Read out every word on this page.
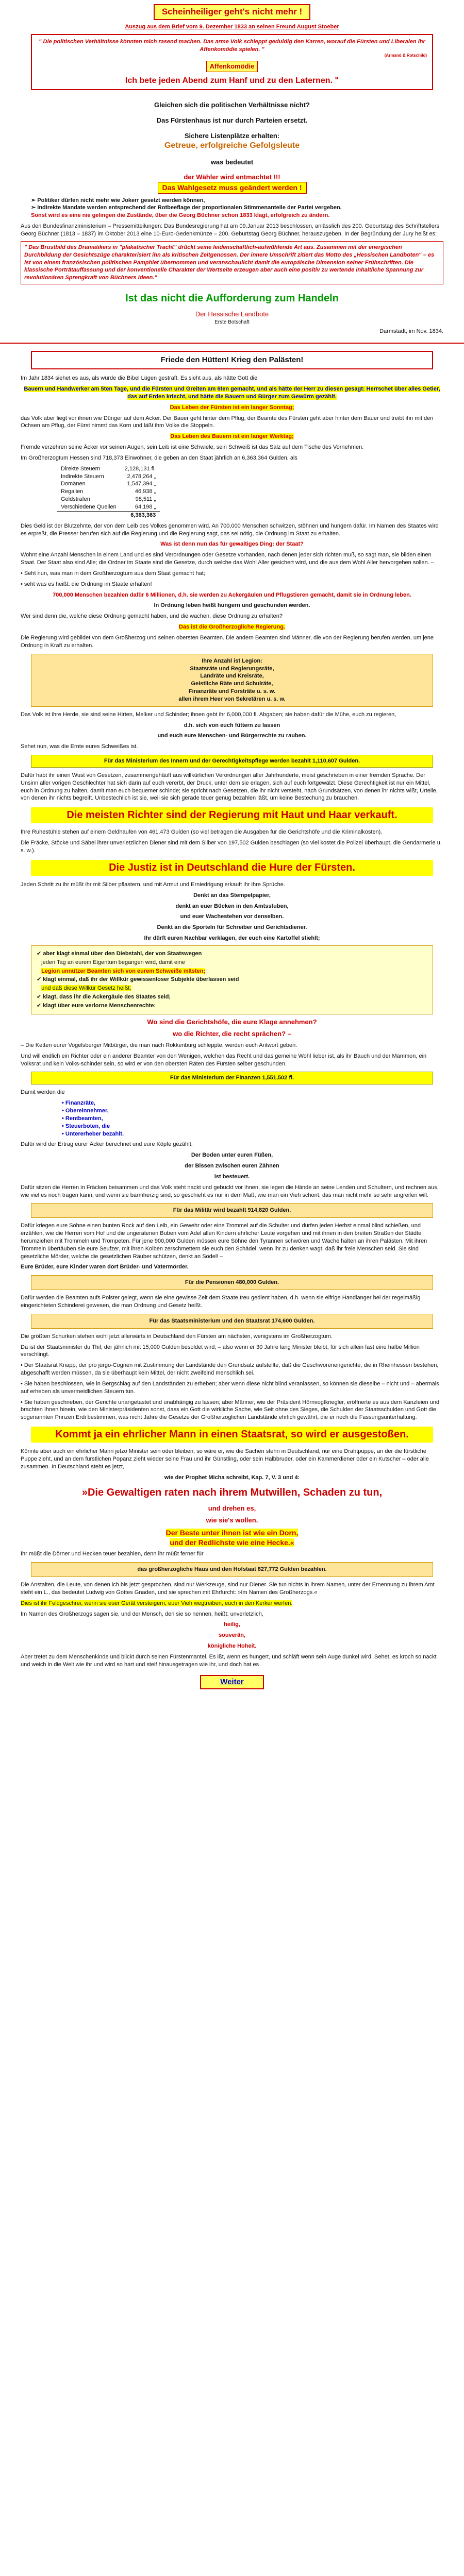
Scheinheiliger geht's nicht mehr !
Auszug aus dem Brief vom 9. Dezember 1833 an seinen Freund August Stoeber
" Die politischen Verhältnisse könnten mich rasend machen. Das arme Volk schleppt geduldig den Karren, worauf die Fürsten und Liberalen ihr Affenkomödie spielen. "
(Armand & Rotschild)
Affenkomödie
Ich bete jeden Abend zum Hanf und zu den Laternen. "
Gleichen sich die politischen Verhältnisse nicht?
Das Fürstenhaus ist nur durch Parteien ersetzt.
Sichere Listenplätze erhalten:
Getreue, erfolgreiche Gefolgsleute
was bedeutet
der Wähler wird entmachtet !!!
Das Wahlgesetz muss geändert werden !
➢ Politiker dürfen nicht mehr wie Jokerr gesetzt werden können,
➢ Indirekte Mandate werden entsprechend der Rotbeeflage der proportionalen Stimmenanteile der Partei vergeben.
Sonst wird es eine nie gelingen die Zustände, über die Georg Büchner schon 1833 klagt, erfolgreich zu ändern.
Aus den Bundesfinanzministerium – Pressemitteilungen: Das Bundesregierung hat am 09.Januar 2013 beschlossen, anlässlich des 200. Geburtstag des Schriftstellers Georg Büchner (1813 – 1837) im Oktober 2013 eine 10-Euro-Gedenkmünze – 200. Geburtstag Georg Büchner, herauszugeben. In der Begründung der Jury heißt es:
" Das Brustbild des Dramatikers in "plakatischer Tracht" drückt seine leidenschaftlich-aufwühlende Art aus. Zusammen mit der energischen Durchbildung der Gesichtszüge charakterisiert ihn als kritischen Zeitgenossen. Der innere Umschrift zitiert das Motto des „Hessischen Landboten“ – es ist von einem französischen politischen Pamphlet übernommen und veranschaulicht damit die europäische Dimension seiner Frühschriften. Die klassische Porträtauffassung und der konventionelle Charakter der Wertseite erzeugen aber auch eine positiv zu wertende inhaltliche Spannung zur revolutionären Sprengkraft von Büchners Ideen."
Ist das nicht die Aufforderung zum Handeln
Der Hessische Landbote
Erste Botschaft
Darmstadt, im Nov. 1834.
Friede den Hütten! Krieg den Palästen!
Im Jahr 1834 siehet es aus, als würde die Bibel Lügen gestraft. Es sieht aus, als hätte Gott die
Bauern und Handwerker am 5ten Tage, und die Fürsten und Greiten am 6ten gemacht, und als hätte der Herr zu diesen gesagt: Herrschet über alles Getier, das auf Erden kriecht, und hätte die Bauern und Bürger zum Gewürm gezählt.
Das Leben der Fürsten ist ein langer Sonntag;
das Volk aber liegt vor ihnen wie Dünger auf dem Acker. Der Bauer geht hinter dem Pflug, der Beamte des Fürsten geht aber hinter dem Bauer und treibt ihn mit den Ochsen am Pflug, der Fürst nimmt das Korn und läßt ihm Volke die Stoppeln.
Das Leben des Bauern ist ein langer Werktag;
Fremde verzehren seine Äcker vor seinen Augen, sein Leib ist eine Schwiele, sein Schweiß ist das Salz auf dem Tische des Vornehmen.
Im Großherzogtum Hessen sind 718,373 Einwohner, die geben an den Staat jährlich an 6,363,364 Gulden, als
Direkte Steuern	2,128,131 fl.
Indirekte Steuern	2,478,264 „
Domänen	1,547,394 „
Regalien	46,938 „
Geldstrafen	98,511 „
Verschiedene Quellen	64,198 „
	6,363,363
Dies Geld ist der Blutzehnte, der von dem Leib des Volkes genommen wird. An 700,000 Menschen schwitzen, stöhnen und hungern dafür. Im Namen des Staates wird es erpreßt, die Presser berufen sich auf die Regierung und die Regierung sagt, das sei nötig, die Ordnung im Staat zu erhalten.
Was ist denn nun das für gewaltiges Ding: der Staat?
Wohnt eine Anzahl Menschen in einem Land und es sind Verordnungen oder Gesetze vorhanden, nach denen jeder sich richten muß, so sagt man, sie bilden einen Staat. Der Staat also sind Alle; die Ordner im Staate sind die Gesetze, durch welche das Wohl Aller gesichert wird, und die aus dem Wohl Aller hervorgehen sollen. –
• Seht nun, was man in dem Großherzogtum aus dem Staat gemacht hat;
• seht was es heißt: die Ordnung im Staate erhalten!
700,000 Menschen bezahlen dafür 6 Millionen, d.h. sie werden zu Ackergäulen und Pflugstieren gemacht, damit sie in Ordnung leben.
In Ordnung leben heißt hungern und geschunden werden.
Wer sind denn die, welche diese Ordnung gemacht haben, und die wachen, diese Ordnung zu erhalten?
Das ist die Großherzogliche Regierung.
Die Regierung wird gebildet von dem Großherzog und seinen obersten Beamten. Die andern Beamten sind Männer, die von der Regierung berufen werden, um jene Ordnung in Kraft zu erhalten.
Ihre Anzahl ist Legion:
Staatsräte und Regierungsräte,
Landräte und Kreisräte,
Geistliche Räte und Schulräte,
Finanzräte und Forsträte u. s. w.
allen ihrem Heer von Sekretären u. s. w.
Das Volk ist ihre Herde, sie sind seine Hirten, Melker und Schinder; ihnen gebt ihr 6,000,000 fl. Abgaben; sie haben dafür die Mühe, euch zu regieren,
d.h. sich von euch füttern zu lassen
und euch eure Menschen- und Bürgerrechte zu rauben.
Sehet nun, was die Ernte eures Schweißes ist.
Für das Ministerium des Innern und der Gerechtigkeitspflege werden bezahlt 1,110,607 Gulden.
Dafür habt ihr einen Wust von Gesetzen, zusammengehäuft aus willkürlichen Verordnungen aller Jahrhunderte, meist geschrieben in einer fremden Sprache. Der Unsinn aller vorigen Geschlechter hat sich darin auf euch vererbt, der Druck, unter dem sie erlagen, sich auf euch fortgewälzt. Diese Gerechtigkeit ist nur ein Mittel, euch in Ordnung zu halten, damit man euch bequemer schinde; sie spricht nach Gesetzen, die ihr nicht versteht, nach Grundsätzen, von denen ihr nichts wißt, Urteile, von denen ihr nichts begreift. Unbestechlich ist sie, weil sie sich gerade teuer genug bezahlen läßt, um keine Bestechung zu brauchen.
Die meisten Richter sind der Regierung mit Haut und Haar verkauft.
Ihre Ruhestühle stehen auf einem Geldhaufen von 461,473 Gulden (so viel betragen die Ausgaben für die Gerichtshöfe und die Kriminalkosten).
Die Fräcke, Stöcke und Säbel ihrer unverletzlichen Diener sind mit dem Silber von 197,502 Gulden beschlagen (so viel kostet die Polizei überhaupt, die Gendarmerie u. s. w.).
Die Justiz ist in Deutschland die Hure der Fürsten.
Jeden Schritt zu ihr müßt ihr mit Silber pflastern, und mit Armut und Erniedrigung erkauft ihr ihre Sprüche.
Denkt an das Stempelpapier,
denkt an euer Bücken in den Amtsstuben,
und euer Wachestehen vor denselben.
Denkt an die Sporteln für Schreiber und Gerichtsdiener.
Ihr dürft euren Nachbar verklagen, der euch eine Kartoffel stiehlt;
✔ aber klagt einmal über den Diebstahl, der von Staatswegen
jeden Tag an eurem Eigentum begangen wird, damit eine
Legion unnützer Beamten sich von eurem Schweiße mästen;
✔ klagt einmal, daß ihr der Willkür gewissenloser Subjekte überlassen seid
und daß diese Willkür Gesetz heißt;
✔ klagt, dass ihr die Ackergäule des Staates seid;
✔ klagt über eure verlorne Menschenrechte:
Wo sind die Gerichtshöfe, die eure Klage annehmen?
wo die Richter, die recht sprächen? –
– Die Ketten eurer Vogelsberger Mitbürger, die man nach Rokkenburg schleppte, werden euch Antwort geben.
Und will endlich ein Richter oder ein anderer Beamter von den Wenigen, welchen das Recht und das gemeine Wohl lieber ist, als ihr Bauch und der Mammon, ein Volksrat und kein Volks-schinder sein, so wird er von den obersten Räten des Fürsten selber geschunden.
Für das Ministerium der Finanzen 1,551,502 fl.
Damit werden die
• Finanzräte,
• Obereinnehmer,
• Rentbeamten,
• Steuerboten, die
• Untererheber bezahlt.
Dafür wird der Ertrag eurer Äcker berechnet und eure Köpfe gezählt.
Der Boden unter euren Füßen,
der Bissen zwischen euren Zähnen
ist besteuert.
Dafür sitzen die Herren in Fräcken beisammen und das Volk steht nackt und gebückt vor ihnen, sie legen die Hände an seine Lenden und Schultern, und rechnen aus, wie viel es noch tragen kann, und wenn sie barmherzig sind, so geschieht es nur in dem Maß, wie man ein Vieh schont, das man nicht mehr so sehr angreifen will.
Für das Militär wird bezahlt 914,820 Gulden.
Dafür kriegen eure Söhne einen bunten Rock auf den Leib, ein Gewehr oder eine Trommel auf die Schulter und dürfen jeden Herbst einmal blind schießen, und erzählen, wie die Herren vom Hof und die ungeratenen Buben vom Adel allen Kindern ehrlicher Leute vorgehen und mit ihnen in den breiten Straßen der Städte herumziehen mit Trommeln und Trompeten. Für jene 900,000 Gulden müssen eure Söhne den Tyrannen schwören und Wache halten an ihren Palästen. Mit ihren Trommeln übertäuben sie eure Seufzer, mit ihren Kolben zerschmettern sie euch den Schädel, wenn ihr zu denken wagt, daß ihr freie Menschen seid. Sie sind gesetzliche Mörder, welche die gesetzlichen Räuber schützen, denkt an Södel! –
Eure Brüder, eure Kinder waren dort Brüder- und Vatermörder.
Für die Pensionen 480,000 Gulden.
Dafür werden die Beamten aufs Polster gelegt, wenn sie eine gewisse Zeit dem Staate treu gedient haben, d.h. wenn sie eifrige Handlanger bei der regelmäßig eingerichteten Schinderei gewesen, die man Ordnung und Gesetz heißt.
Für das Staatsministerium und den Staatsrat 174,600 Gulden.
Die größten Schurken stehen wohl jetzt allerwärts in Deutschland den Fürsten am nächsten, wenigstens im Großherzogtum.
Da ist der Staatsminister du Thil, der jährlich mit 15,000 Gulden besoldet wird; – also wenn er 30 Jahre lang Minister bleibt, für sich allein fast eine halbe Million verschlingt.
• Der Staatsrat Knapp, der pro jurgo-Cognen mit Zustimmung der Landstände den Grundsatz aufstellte, daß die Geschworenengerichte, die in Rheinhessen bestehen, abgeschafft werden müssen, da sie überhaupt kein Mittel, der nicht zweifelnd menschlich sei.
• Sie haben beschlossen, wie in Bergschlag auf den Landständen zu erheben; aber wenn diese nicht blind veranlassen, so können sie dieselbe – nicht und – abermals auf erheben als unvermeidlichen Steuern tun.
• Sie haben geschrieben, der Gerichte unangetastet und unabhängig zu lassen; aber Männer, wie der Präsident Hörnvogtkriegler, eröffnerte es aus dem Kanzleien und brachten Ihnen hinein, wie den Ministerpräsidenten sonst, dass ein Gott die wirkliche Sache, wie Seit ohne des Sieges, die Schulden der Staatsschulden und Gott die sogenannten Prinzen Erdi bestimmen, was nicht Jahre die Gesetze der Großherzoglichen Landstände ehrlich gewährt, die er noch die Fassungsunterhaltung.
Kommt ja ein ehrlicher Mann in einen Staatsrat, so wird er ausgestoßen.
Könnte aber auch ein ehrlicher Mann jetzo Minister sein oder bleiben, so wäre er, wie die Sachen stehn in Deutschland, nur eine Drahtpuppe, an der die fürstliche Puppe zieht, und an dem fürstlichen Popanz zieht wieder seine Frau und ihr Günstling, oder sein Halbbruder, oder ein Kammerdiener oder ein Kutscher – oder alle zusammen. In Deutschland steht es jetzt,
wie der Prophet Micha schreibt, Kap. 7, V. 3 und 4:
»Die Gewaltigen raten nach ihrem Mutwillen, Schaden zu tun,
und drehen es,
wie sie's wollen.
Der Beste unter ihnen ist wie ein Dorn,
und der Redlichste wie eine Hecke.«
Ihr müßt die Dörner und Hecken teuer bezahlen, denn ihr müßt ferner für
das großherzogliche Haus und den Hofstaat 827,772 Gulden bezahlen.
Die Anstalten, die Leute, von denen ich bis jetzt gesprochen, sind nur Werkzeuge, sind nur Diener. Sie tun nichts in ihrem Namen, unter der Ernennung zu ihrem Amt steht ein L., das bedeutet Ludwig von Gottes Gnaden, und sie sprechen mit Ehrfurcht: »Im Namen des Großherzogs.«
Dies ist ihr Feldgeschrei, wenn sie euer Gerät versteigern, euer Vieh wegtreiben, euch in den Kerker werfen.
Im Namen des Großherzogs sagen sie, und der Mensch, den sie so nennen, heißt: unverletzlich,
heilig,
souverän,
königliche Hoheit.
Aber tretet zu dem Menschenkinde und blickt durch seinen Fürstenmantel. Es ißt, wenn es hungert, und schläft wenn sein Auge dunkel wird. Sehet, es kroch so nackt und weich in die Welt wie ihr und wird so hart und steif hinausgetragen wie ihr, und doch hat es
Weiter
